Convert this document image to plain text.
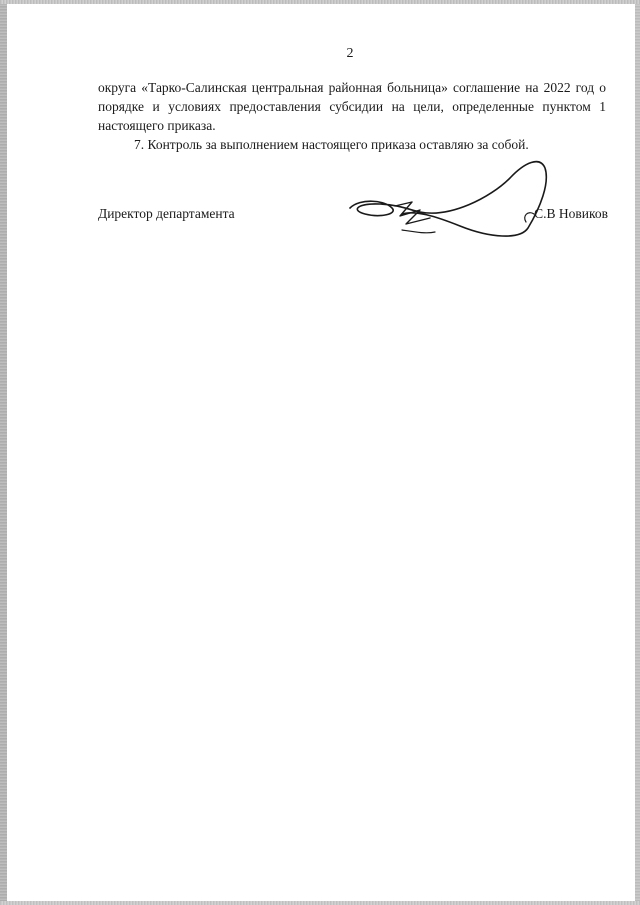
2

округа «Тарко-Салинская центральная районная больница» соглашение на 2022 год о порядке и условиях предоставления субсидии на цели, определенные пунктом 1 настоящего приказа.

7. Контроль за выполнением настоящего приказа оставляю за собой.

Директор департамента	С.В Новиков
